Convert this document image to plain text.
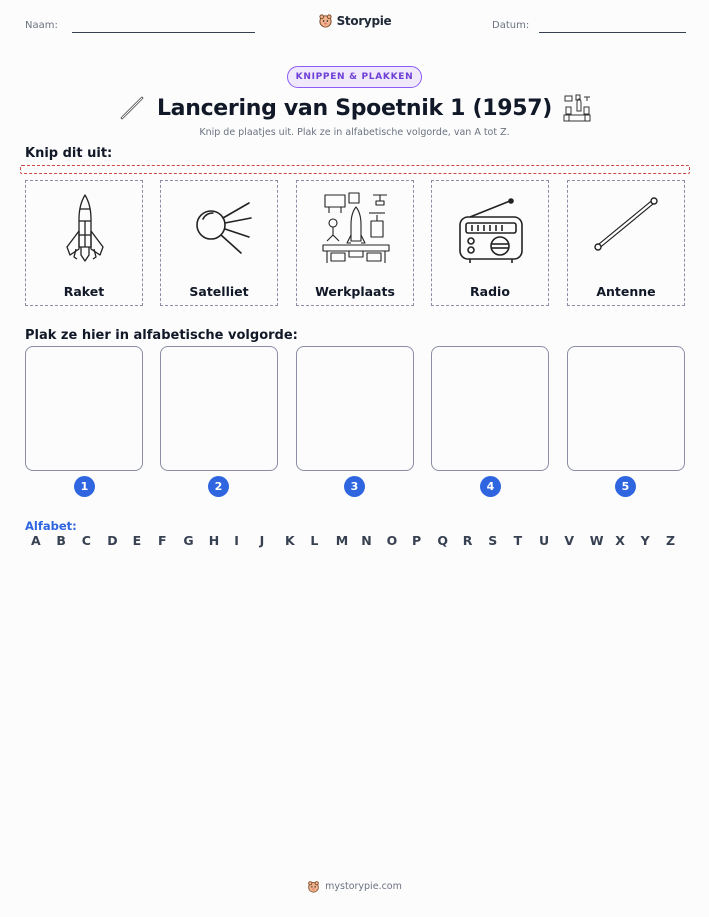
Naam:	Storypie	Datum:
KNIPPEN & PLAKKEN
Lancering van Spoetnik 1 (1957)
Knip de plaatjes uit. Plak ze in alfabetische volgorde, van A tot Z.
Knip dit uit:
Raket	Satelliet	Werkplaats	Radio	Antenne
Plak ze hier in alfabetische volgorde:
1	2	3	4	5
Alfabet:
A B C D E F G H I J K L M N O P Q R S T U V W X Y Z
mystorypie.com
